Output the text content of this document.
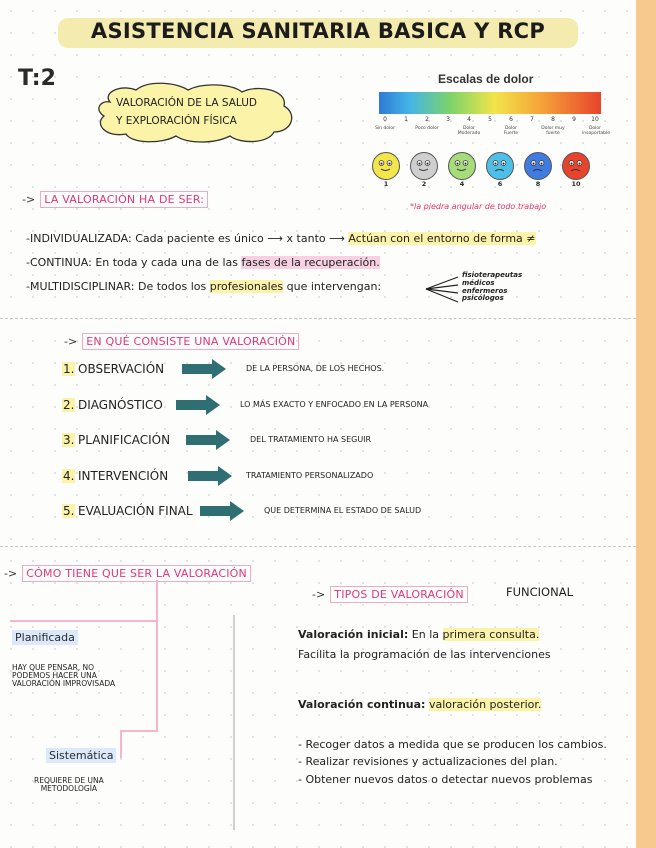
ASISTENCIA SANITARIA BASICA Y RCP
T:2
VALORACIÓN DE LA SALUD
Y EXPLORACIÓN FÍSICA
Escalas de dolor
0	1	2	3	4	5	6	7	8	9	10
Sin dolor	Poco dolor	Dolor Moderado
Dolor Fuerte
Dolor muy fuerte
Dolor insoportable
1	2	4	6	8	10
-> LA VALORACIÓN HA DE SER:
*la piedra angular de todo trabajo
-INDIVIDUALIZADA: Cada paciente es único ⟶ x tanto ⟶ Actúan con el entorno de forma ≠
-CONTINUA: En toda y cada una de las fases de la recuperación.
-MULTIDISCIPLINAR: De todos los profesionales que intervengan:
fisioterapeutas
médicos
enfermeros
psicólogos
-> EN QUÉ CONSISTE UNA VALORACIÓN
1. OBSERVACIÓN	DE LA PERSONA, DE LOS HECHOS.
2. DIAGNÓSTICO	LO MÁS EXACTO Y ENFOCADO EN LA PERSONA
3. PLANIFICACIÓN	DEL TRATAMIENTO HA SEGUIR
4. INTERVENCIÓN	TRATAMIENTO PERSONALIZADO
5. EVALUACIÓN FINAL	QUE DETERMINA EL ESTADO DE SALUD
-> CÓMO TIENE QUE SER LA VALORACIÓN
Planificada
HAY QUE PENSAR, NO
PODEMOS HACER UNA
VALORACIÓN IMPROVISADA
Sistemática
REQUIERE DE UNA
METODOLOGÍA
-> TIPOS DE VALORACIÓN	FUNCIONAL
Valoración inicial: En la primera consulta.
Facilita la programación de las intervenciones
Valoración continua: valoración posterior.
- Recoger datos a medida que se producen los cambios.
- Realizar revisiones y actualizaciones del plan.
- Obtener nuevos datos o detectar nuevos problemas
